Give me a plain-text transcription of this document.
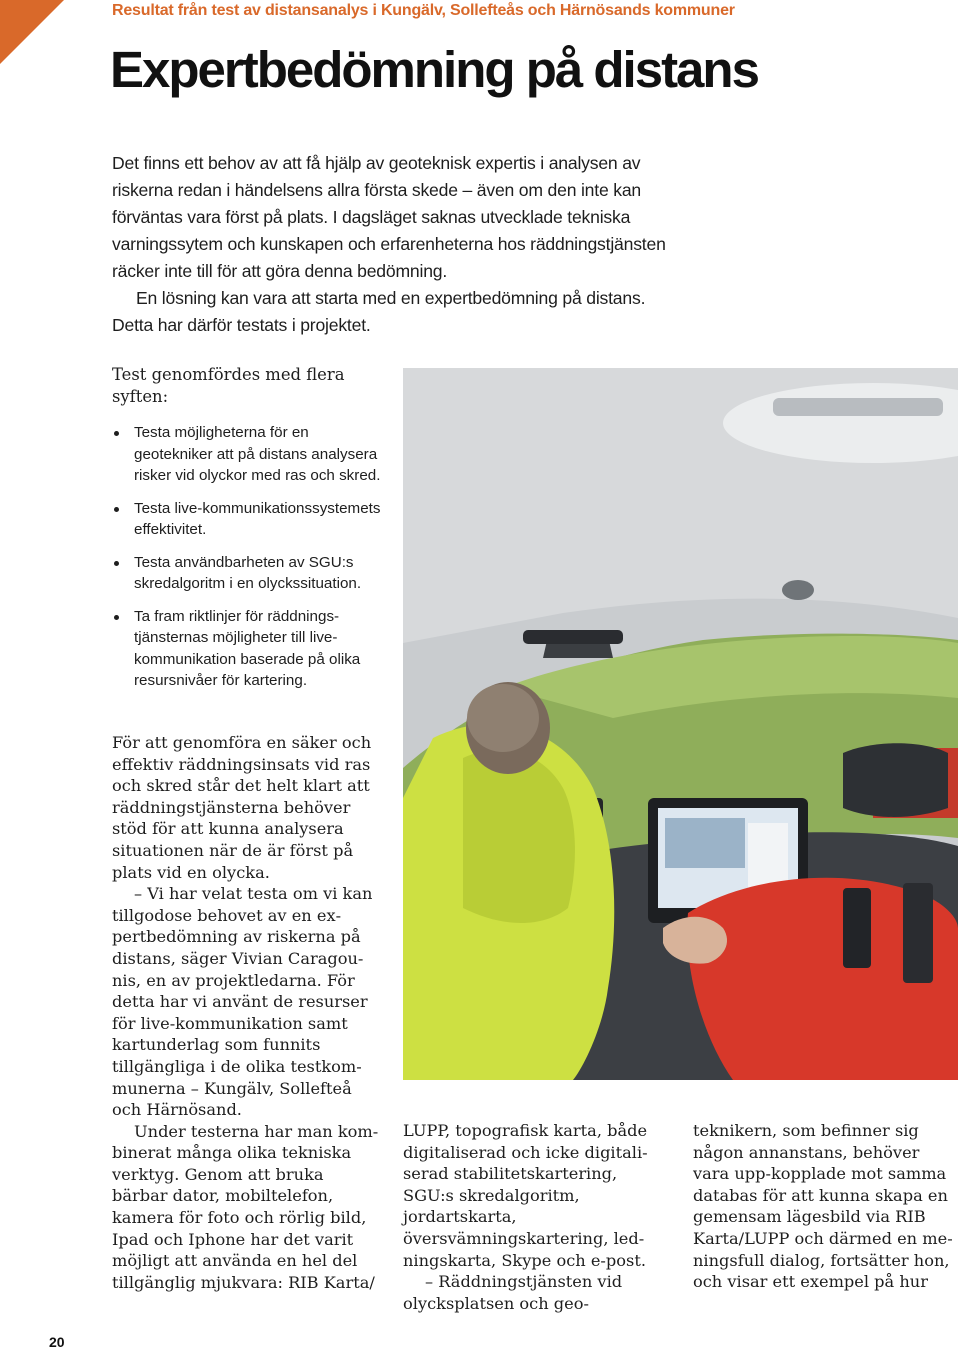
Resultat från test av distansanalys i Kungälv, Sollefteås och Härnösands kommuner
Expertbedömning på distans

Det finns ett behov av att få hjälp av geoteknisk expertis i analysen av riskerna redan i händelsens allra första skede – även om den inte kan förväntas vara först på plats. I dagsläget saknas utvecklade tekniska varningssytem och kunskapen och erfarenheterna hos räddningstjänsten räcker inte till för att göra denna bedömning.

En lösning kan vara att starta med en expertbedömning på distans. Detta har därför testats i projektet.

Test genomfördes med flera syften:

Testa möjligheterna för en geotekniker att på distans analysera risker vid olyckor med ras och skred.
Testa live-kommunikationssystemets effektivitet.
Testa användbarheten av SGU:s skredalgoritm i en olyckssituation.
Ta fram riktlinjer för räddningstjänsternas möjligheter till livekommunikation baserade på olika resursnivåer för kartering.

För att genomföra en säker och effektiv räddningsinsats vid ras och skred står det helt klart att räddningstjänsterna behöver stöd för att kunna analysera situationen när de är först på plats vid en olycka.

– Vi har velat testa om vi kan tillgodose behovet av en expertbedömning av riskerna på distans, säger Vivian Caragounis, en av projektledarna. För detta har vi använt de resurser för live-kommunikation samt kartunderlag som funnits tillgängliga i de olika testkommunerna – Kungälv, Sollefteå och Härnösand.

Under testerna har man kombinerat många olika tekniska verktyg. Genom att bruka bärbar dator, mobiltelefon, kamera för foto och rörlig bild, Ipad och Iphone har det varit möjligt att använda en hel del tillgänglig mjukvara: RIB Karta/

LUPP, topografisk karta, både digitaliserad och icke digitaliserad stabilitetskartering, SGU:s skredalgoritm, jordartskarta, översvämningskartering, ledningskarta, Skype och e-post.

– Räddningstjänsten vid olycksplatsen och geo-

teknikern, som befinner sig någon annanstans, behöver vara upp-kopplade mot samma databas för att kunna skapa en gemensam lägesbild via RIB Karta/LUPP och därmed en meningsfull dialog, fortsätter hon, och visar ett exempel på hur

20
